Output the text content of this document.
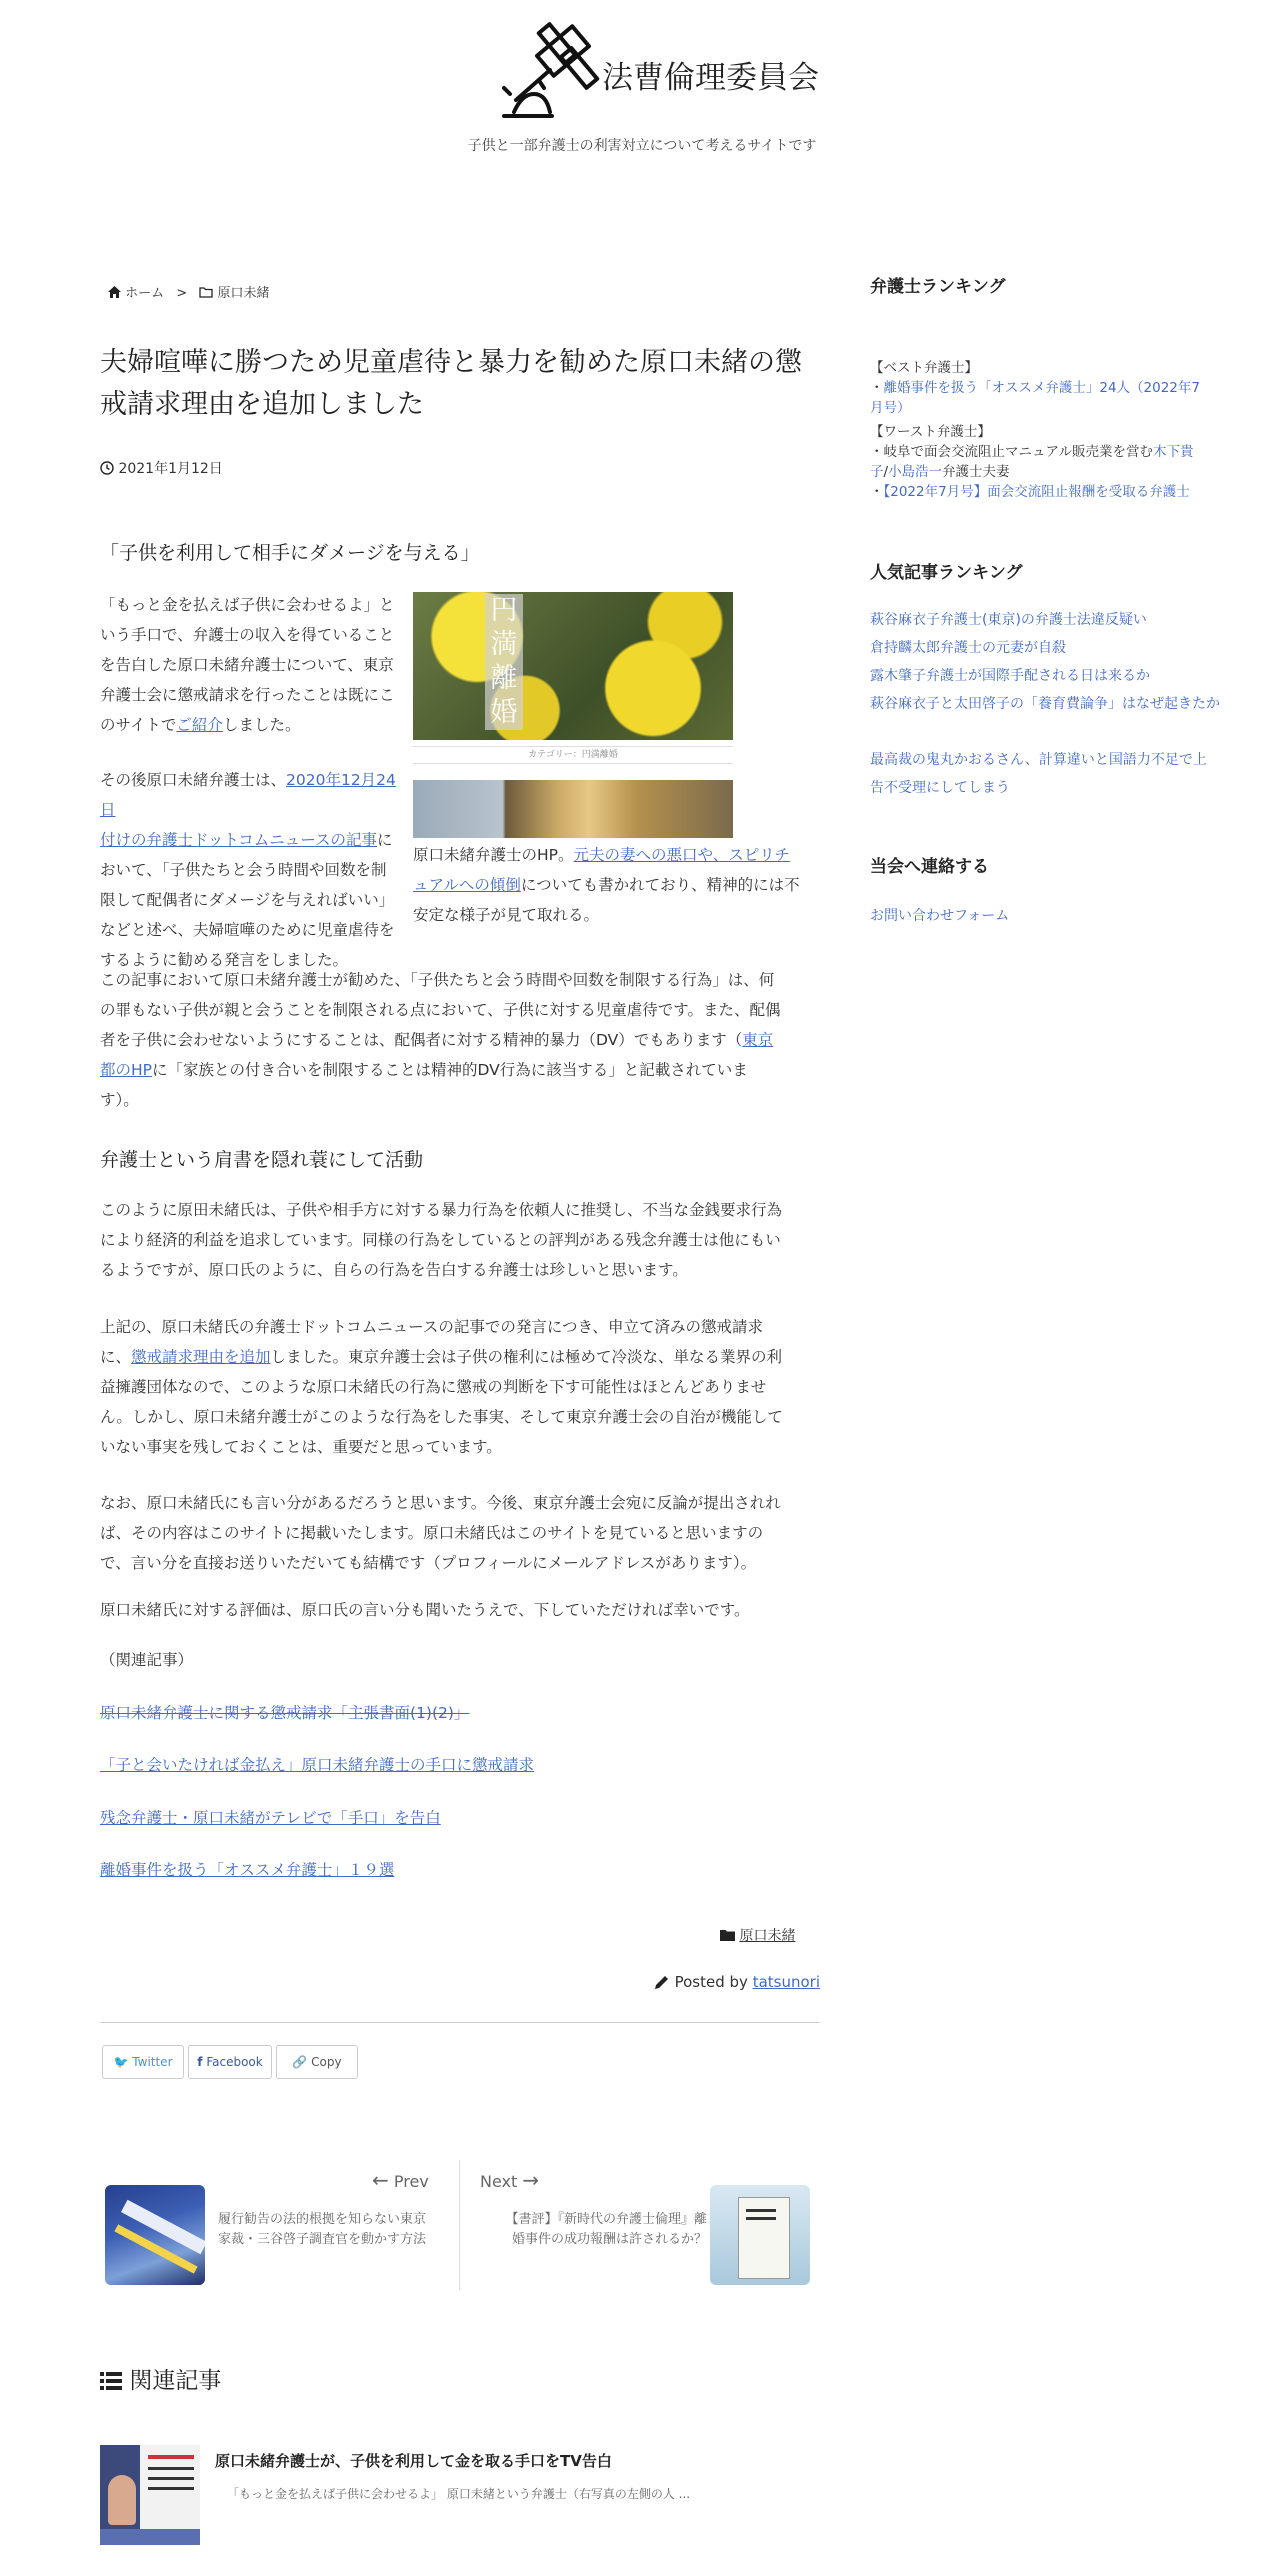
法曹倫理委員会
子供と一部弁護士の利害対立について考えるサイトです
ホーム > 原口未緒
夫婦喧嘩に勝つため児童虐待と暴力を勧めた原口未緒の懲戒請求理由を追加しました
2021年1月12日
「子供を利用して相手にダメージを与える」
「もっと金を払えば子供に会わせるよ」と
いう手口で、弁護士の収入を得ていること
を告白した原口未緒弁護士について、東京
弁護士会に懲戒請求を行ったことは既にこ
のサイトでご紹介しました。
円満離婚
カテゴリー：円満離婚
その後原口未緒弁護士は、2020年12月24日
付けの弁護士ドットコムニュースの記事に
おいて、「子供たちと会う時間や回数を制
限して配偶者にダメージを与えればいい」
などと述べ、夫婦喧嘩のために児童虐待を
するように勧める発言をしました。
原口未緒弁護士のHP。元夫の妻への悪口や、スピリチ
ュアルへの傾倒についても書かれており、精神的には不
安定な様子が見て取れる。
この記事において原口未緒弁護士が勧めた、「子供たちと会う時間や回数を制限する行為」は、何
の罪もない子供が親と会うことを制限される点において、子供に対する児童虐待です。また、配偶
者を子供に会わせないようにすることは、配偶者に対する精神的暴力（DV）でもあります（東京
都のHPに「家族との付き合いを制限することは精神的DV行為に該当する」と記載されていま
す）。
弁護士という肩書を隠れ蓑にして活動
このように原田未緒氏は、子供や相手方に対する暴力行為を依頼人に推奨し、不当な金銭要求行為
により経済的利益を追求しています。同様の行為をしているとの評判がある残念弁護士は他にもい
るようですが、原口氏のように、自らの行為を告白する弁護士は珍しいと思います。
上記の、原口未緒氏の弁護士ドットコムニュースの記事での発言につき、申立て済みの懲戒請求
に、懲戒請求理由を追加しました。東京弁護士会は子供の権利には極めて冷淡な、単なる業界の利
益擁護団体なので、このような原口未緒氏の行為に懲戒の判断を下す可能性はほとんどありませ
ん。しかし、原口未緒弁護士がこのような行為をした事実、そして東京弁護士会の自治が機能して
いない事実を残しておくことは、重要だと思っています。
なお、原口未緒氏にも言い分があるだろうと思います。今後、東京弁護士会宛に反論が提出されれ
ば、その内容はこのサイトに掲載いたします。原口未緒氏はこのサイトを見ていると思いますの
で、言い分を直接お送りいただいても結構です（プロフィールにメールアドレスがあります）。
原口未緒氏に対する評価は、原口氏の言い分も聞いたうえで、下していただければ幸いです。
（関連記事）
原口未緒弁護士に関する懲戒請求「主張書面(1)(2)」
「子と会いたければ金払え」原口未緒弁護士の手口に懲戒請求
残念弁護士・原口未緒がテレビで「手口」を告白
離婚事件を扱う「オススメ弁護士」１９選
原口未緒
Posted by tatsunori
🐦 Twitter	f Facebook	🔗 Copy
← Prev
履行勧告の法的根拠を知らない東京家裁・三谷啓子調査官を動かす方法
Next →
【書評】『新時代の弁護士倫理』離婚事件の成功報酬は許されるか？
関連記事
原口未緒弁護士が、子供を利用して金を取る手口をTV告白
「もっと金を払えば子供に会わせるよ」 原口未緒という弁護士（右写真の左側の人 ...
弁護士ランキング
【ベスト弁護士】
・離婚事件を扱う「オススメ弁護士」24人（2022年7
月号）
【ワースト弁護士】
・岐阜で面会交流阻止マニュアル販売業を営む木下貴
子/小島浩一弁護士夫妻
・【2022年7月号】面会交流阻止報酬を受取る弁護士
人気記事ランキング
萩谷麻衣子弁護士(東京)の弁護士法違反疑い
倉持麟太郎弁護士の元妻が自殺
露木肇子弁護士が国際手配される日は来るか
萩谷麻衣子と太田啓子の「養育費論争」はなぜ起きたか
最高裁の鬼丸かおるさん、計算違いと国語力不足で上告不受理にしてしまう
当会へ連絡する
お問い合わせフォーム
